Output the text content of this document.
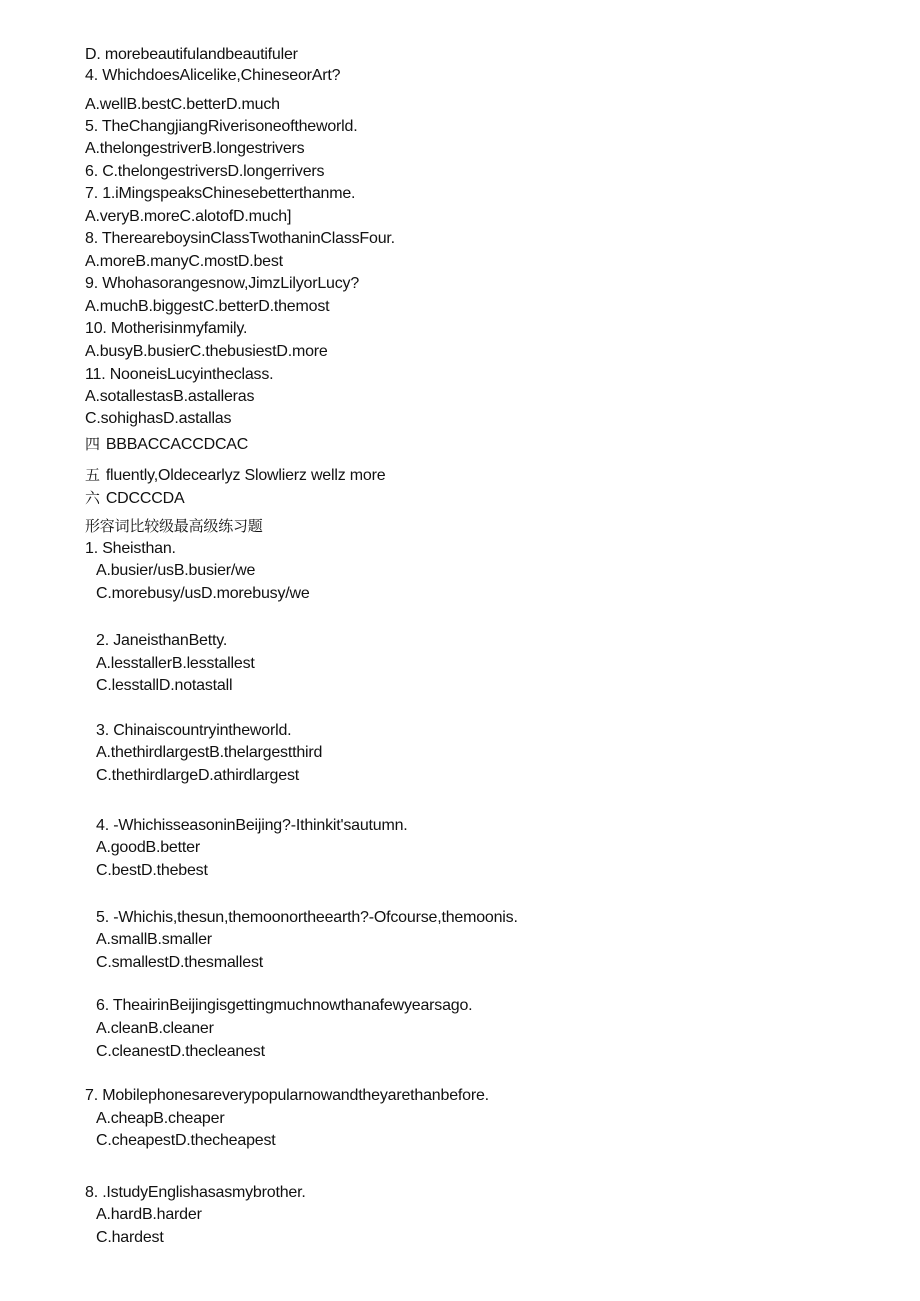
D. morebeautifulandbeautifuler
4. WhichdoesAlicelike,ChineseorArt?
A.wellB.bestC.betterD.much
5. TheChangjiangRiverisoneoftheworld.
A.thelongestriverB.longestrivers
6. C.thelongestriversD.longerrivers
7. 1.iMingspeaksChinesebetterthanme.
A.veryB.moreC.alotofD.much]
8. ThereareboysinClassTwothaninClassFour.
A.moreB.manyC.mostD.best
9. Whohasorangesnow,JimzLilyorLucy?
A.muchB.biggestC.betterD.themost
10. Motherisinmyfamily.
A.busyB.busierC.thebusiestD.more
11. NooneisLucyintheclass.
A.sotallestasB.astalleras
C.sohighasD.astallas
四 BBBACCACCDCAC
五 fluently,Oldecearlyz Slowlierz wellz more
六 CDCCCDA
形容词比较级最高级练习题
1. Sheisthan.
A.busier/usB.busier/we
C.morebusy/usD.morebusy/we
2. JaneisthanBetty.
A.lesstallerB.lesstallest
C.lesstallD.notastall
3. Chinaiscountryintheworld.
A.thethirdlargestB.thelargestthird
C.thethirdlargeD.athirdlargest
4. -WhichisseasoninBeijing?-Ithinkit'sautumn.
A.goodB.better
C.bestD.thebest
5. -Whichis,thesun,themoonortheearth?-Ofcourse,themoonis.
A.smallB.smaller
C.smallestD.thesmallest
6. TheairinBeijingisgettingmuchnowthanafewyearsago.
A.cleanB.cleaner
C.cleanestD.thecleanest
7. Mobilephonesareverypopularnowandtheyarethanbefore.
A.cheapB.cheaper
C.cheapestD.thecheapest
8. .IstudyEnglishasasmybrother.
A.hardB.harder
C.hardest
